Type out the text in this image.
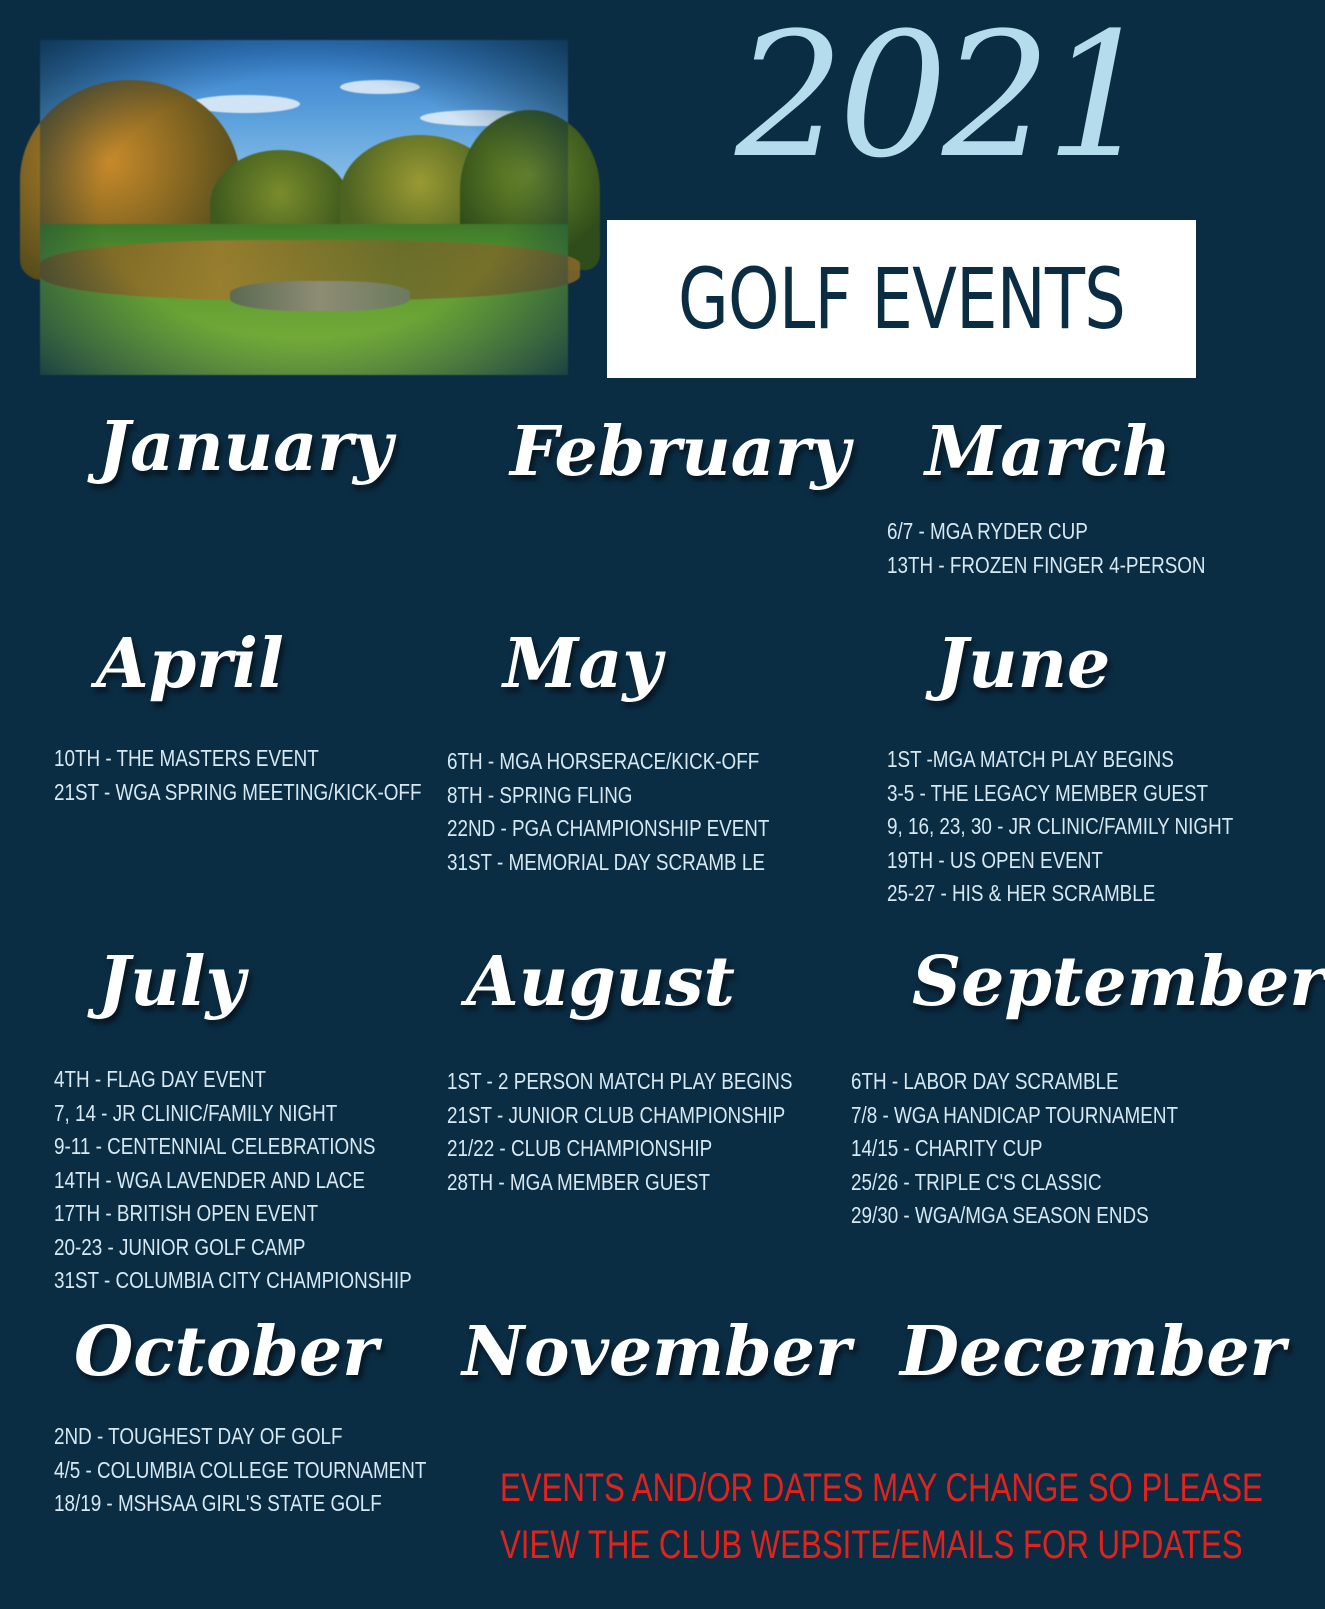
2021
GOLF EVENTS
January February March
6/7 - MGA RYDER CUP
13TH - FROZEN FINGER 4-PERSON
April	May	June
10TH - THE MASTERS EVENT
21ST - WGA SPRING MEETING/KICK-OFF
6TH - MGA HORSERACE/KICK-OFF
8TH - SPRING FLING
22ND - PGA CHAMPIONSHIP EVENT
31ST - MEMORIAL DAY SCRAMB LE
1ST -MGA MATCH PLAY BEGINS
3-5 - THE LEGACY MEMBER GUEST
9, 16, 23, 30 - JR CLINIC/FAMILY NIGHT
19TH - US OPEN EVENT
25-27 - HIS & HER SCRAMBLE
July	August	September
4TH - FLAG DAY EVENT
7, 14 - JR CLINIC/FAMILY NIGHT
9-11 - CENTENNIAL CELEBRATIONS
14TH - WGA LAVENDER AND LACE
17TH - BRITISH OPEN EVENT
20-23 - JUNIOR GOLF CAMP
31ST - COLUMBIA CITY CHAMPIONSHIP
1ST - 2 PERSON MATCH PLAY BEGINS
21ST - JUNIOR CLUB CHAMPIONSHIP
21/22 - CLUB CHAMPIONSHIP
28TH - MGA MEMBER GUEST
6TH - LABOR DAY SCRAMBLE
7/8 - WGA HANDICAP TOURNAMENT
14/15 - CHARITY CUP
25/26 - TRIPLE C'S CLASSIC
29/30 - WGA/MGA SEASON ENDS
October November December
2ND - TOUGHEST DAY OF GOLF
4/5 - COLUMBIA COLLEGE TOURNAMENT
18/19 - MSHSAA GIRL'S STATE GOLF	EVENTS AND/OR DATES MAY CHANGE SO PLEASE
VIEW THE CLUB WEBSITE/EMAILS FOR UPDATES
